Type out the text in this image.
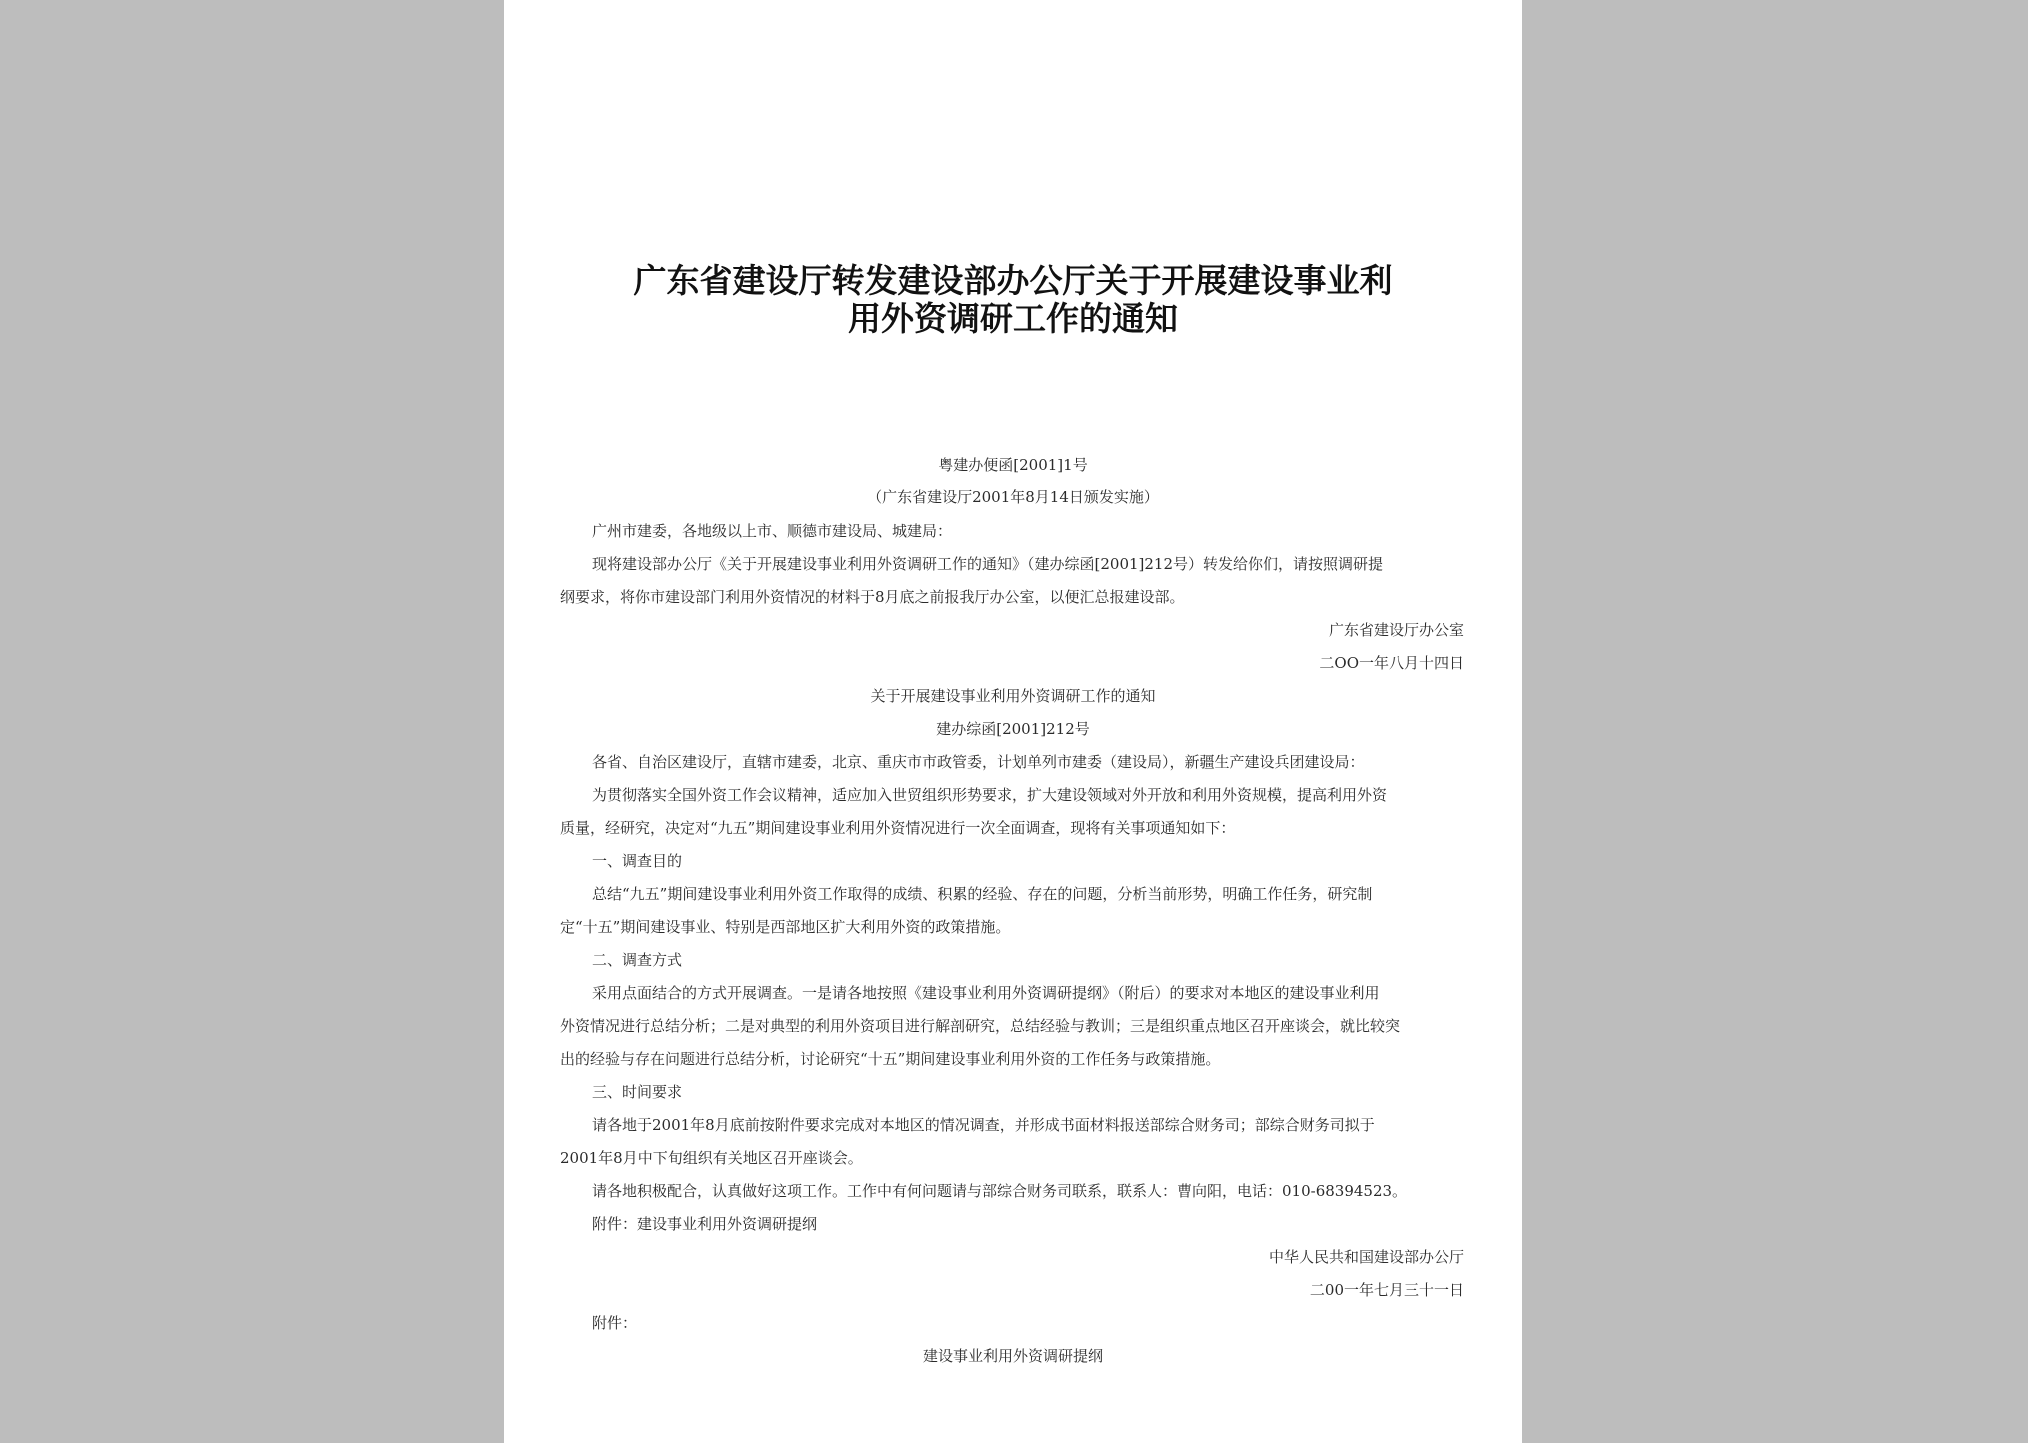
广东省建设厅转发建设部办公厅关于开展建设事业利
用外资调研工作的通知
粤建办便函[2001]1号
（广东省建设厅2001年8月14日颁发实施）
广州市建委，各地级以上市、顺德市建设局、城建局：
现将建设部办公厅《关于开展建设事业利用外资调研工作的通知》（建办综函[2001]212号）转发给你们，请按照调研提
纲要求，将你市建设部门利用外资情况的材料于8月底之前报我厅办公室，以便汇总报建设部。
广东省建设厅办公室
二OO一年八月十四日
关于开展建设事业利用外资调研工作的通知
建办综函[2001]212号
各省、自治区建设厅，直辖市建委，北京、重庆市市政管委，计划单列市建委（建设局），新疆生产建设兵团建设局：
为贯彻落实全国外资工作会议精神，适应加入世贸组织形势要求，扩大建设领域对外开放和利用外资规模，提高利用外资
质量，经研究，决定对“九五”期间建设事业利用外资情况进行一次全面调查，现将有关事项通知如下：
一、调查目的
总结“九五”期间建设事业利用外资工作取得的成绩、积累的经验、存在的问题，分析当前形势，明确工作任务，研究制
定“十五”期间建设事业、特别是西部地区扩大利用外资的政策措施。
二、调查方式
采用点面结合的方式开展调查。一是请各地按照《建设事业利用外资调研提纲》（附后）的要求对本地区的建设事业利用
外资情况进行总结分析；二是对典型的利用外资项目进行解剖研究，总结经验与教训；三是组织重点地区召开座谈会，就比较突
出的经验与存在问题进行总结分析，讨论研究“十五”期间建设事业利用外资的工作任务与政策措施。
三、时间要求
请各地于2001年8月底前按附件要求完成对本地区的情况调查，并形成书面材料报送部综合财务司；部综合财务司拟于
2001年8月中下旬组织有关地区召开座谈会。
请各地积极配合，认真做好这项工作。工作中有何问题请与部综合财务司联系，联系人：曹向阳，电话：010-68394523。
附件：建设事业利用外资调研提纲
中华人民共和国建设部办公厅
二00一年七月三十一日
附件：
建设事业利用外资调研提纲
